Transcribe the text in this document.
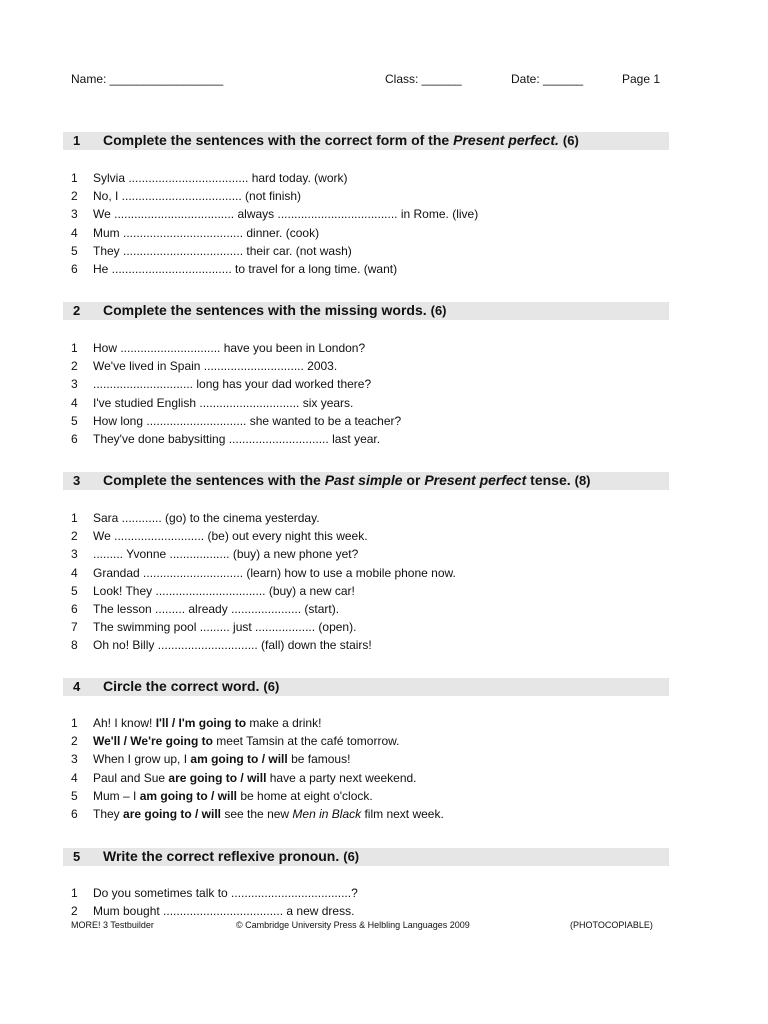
Name: _________________	Class: ______	Date: ______	Page 1
1 Complete the sentences with the correct form of the Present perfect. (6)
1	Sylvia .................................... hard today. (work)
2	No, I .................................... (not finish)
3	We .................................... always .................................... in Rome. (live)
4	Mum .................................... dinner. (cook)
5	They .................................... their car. (not wash)
6	He .................................... to travel for a long time. (want)
2 Complete the sentences with the missing words. (6)
1	How .............................. have you been in London?
2	We've lived in Spain .............................. 2003.
3	.............................. long has your dad worked there?
4	I've studied English .............................. six years.
5	How long .............................. she wanted to be a teacher?
6	They've done babysitting .............................. last year.
3 Complete the sentences with the Past simple or Present perfect tense. (8)
1	Sara ............ (go) to the cinema yesterday.
2	We ........................... (be) out every night this week.
3	......... Yvonne .................. (buy) a new phone yet?
4	Grandad .............................. (learn) how to use a mobile phone now.
5	Look! They ................................. (buy) a new car!
6	The lesson ......... already ..................... (start).
7	The swimming pool ......... just .................. (open).
8	Oh no! Billy .............................. (fall) down the stairs!
4 Circle the correct word. (6)
1	Ah! I know! I'll / I'm going to make a drink!
2	We'll / We're going to meet Tamsin at the café tomorrow.
3	When I grow up, I am going to / will be famous!
4	Paul and Sue are going to / will have a party next weekend.
5	Mum – I am going to / will be home at eight o'clock.
6	They are going to / will see the new Men in Black film next week.
5 Write the correct reflexive pronoun. (6)
1	Do you sometimes talk to ....................................?
2	Mum bought .................................... a new dress.
MORE! 3 Testbuilder	© Cambridge University Press & Helbling Languages 2009	(PHOTOCOPIABLE)
